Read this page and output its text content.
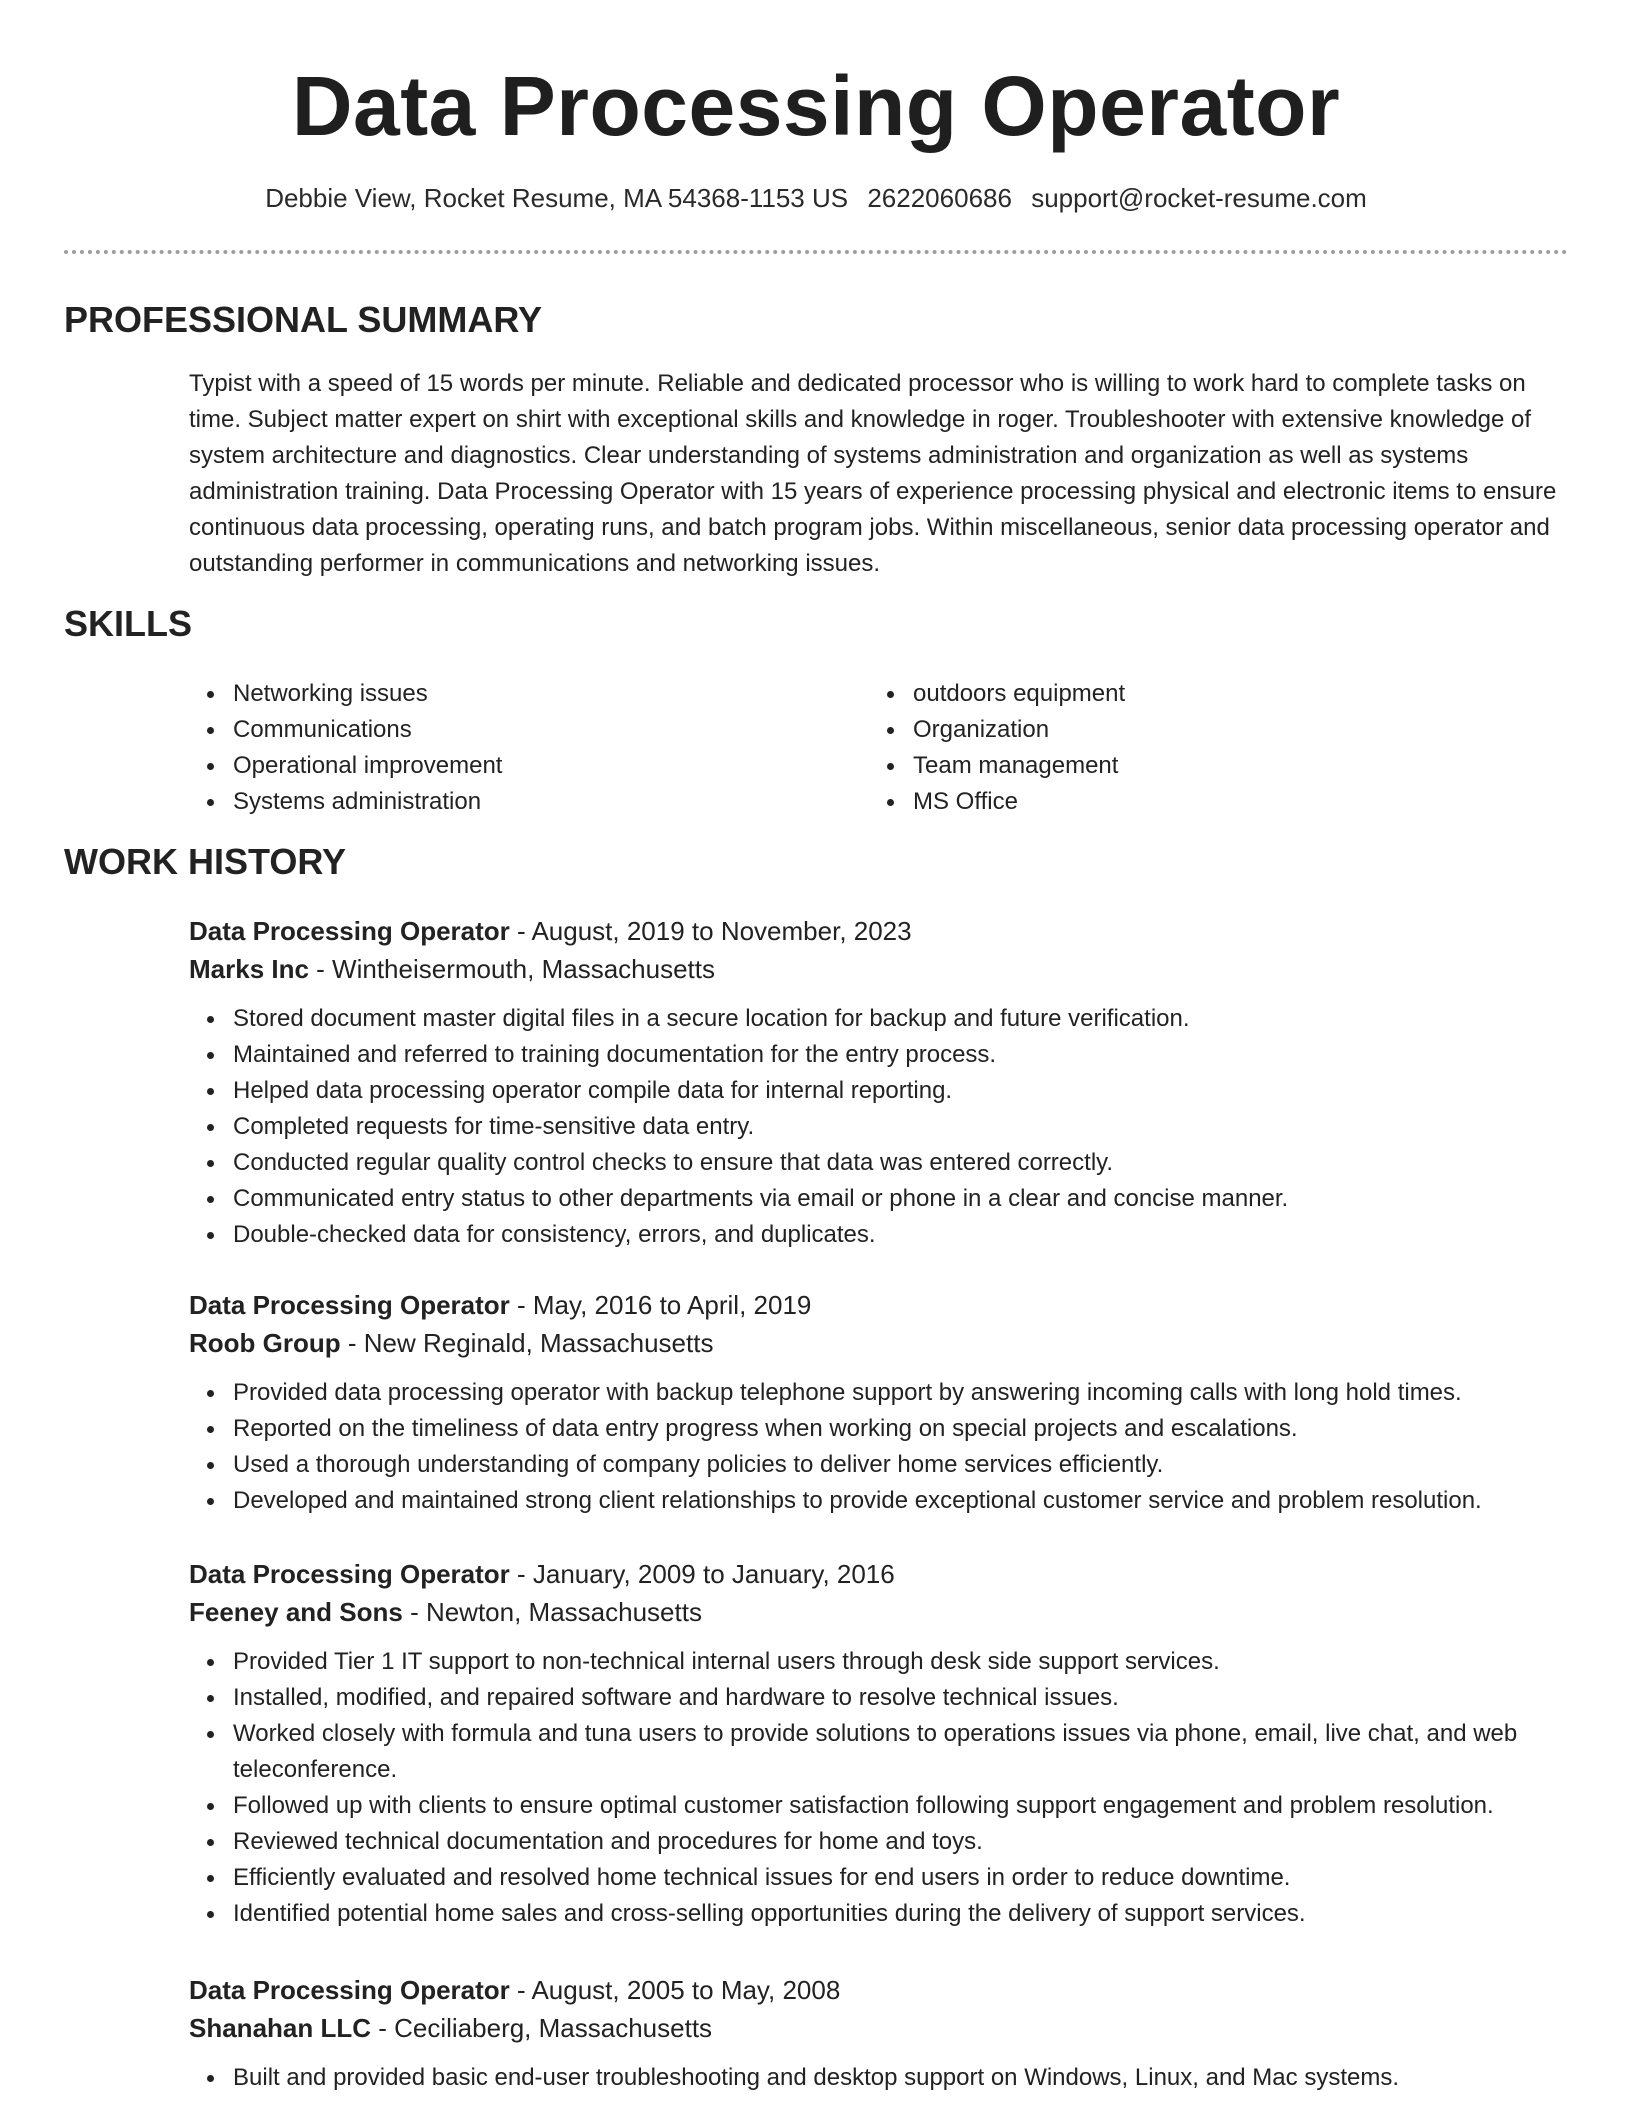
Data Processing Operator
Debbie View, Rocket Resume, MA 54368-1153 US 2622060686 support@rocket-resume.com
PROFESSIONAL SUMMARY

Typist with a speed of 15 words per minute. Reliable and dedicated processor who is willing to work hard to complete tasks on time. Subject matter expert on shirt with exceptional skills and knowledge in roger. Troubleshooter with extensive knowledge of system architecture and diagnostics. Clear understanding of systems administration and organization as well as systems administration training. Data Processing Operator with 15 years of experience processing physical and electronic items to ensure continuous data processing, operating runs, and batch program jobs. Within miscellaneous, senior data processing operator and outstanding performer in communications and networking issues.

SKILLS
Networking issues
Communications
Operational improvement
Systems administration
outdoors equipment
Organization
Team management
MS Office
WORK HISTORY
Data Processing Operator - August, 2019 to November, 2023
Marks Inc - Wintheisermouth, Massachusetts
Stored document master digital files in a secure location for backup and future verification.
Maintained and referred to training documentation for the entry process.
Helped data processing operator compile data for internal reporting.
Completed requests for time-sensitive data entry.
Conducted regular quality control checks to ensure that data was entered correctly.
Communicated entry status to other departments via email or phone in a clear and concise manner.
Double-checked data for consistency, errors, and duplicates.
Data Processing Operator - May, 2016 to April, 2019
Roob Group - New Reginald, Massachusetts
Provided data processing operator with backup telephone support by answering incoming calls with long hold times.
Reported on the timeliness of data entry progress when working on special projects and escalations.
Used a thorough understanding of company policies to deliver home services efficiently.
Developed and maintained strong client relationships to provide exceptional customer service and problem resolution.
Data Processing Operator - January, 2009 to January, 2016
Feeney and Sons - Newton, Massachusetts
Provided Tier 1 IT support to non-technical internal users through desk side support services.
Installed, modified, and repaired software and hardware to resolve technical issues.
Worked closely with formula and tuna users to provide solutions to operations issues via phone, email, live chat, and web teleconference.
Followed up with clients to ensure optimal customer satisfaction following support engagement and problem resolution.
Reviewed technical documentation and procedures for home and toys.
Efficiently evaluated and resolved home technical issues for end users in order to reduce downtime.
Identified potential home sales and cross-selling opportunities during the delivery of support services.
Data Processing Operator - August, 2005 to May, 2008
Shanahan LLC - Ceciliaberg, Massachusetts
Built and provided basic end-user troubleshooting and desktop support on Windows, Linux, and Mac systems.
